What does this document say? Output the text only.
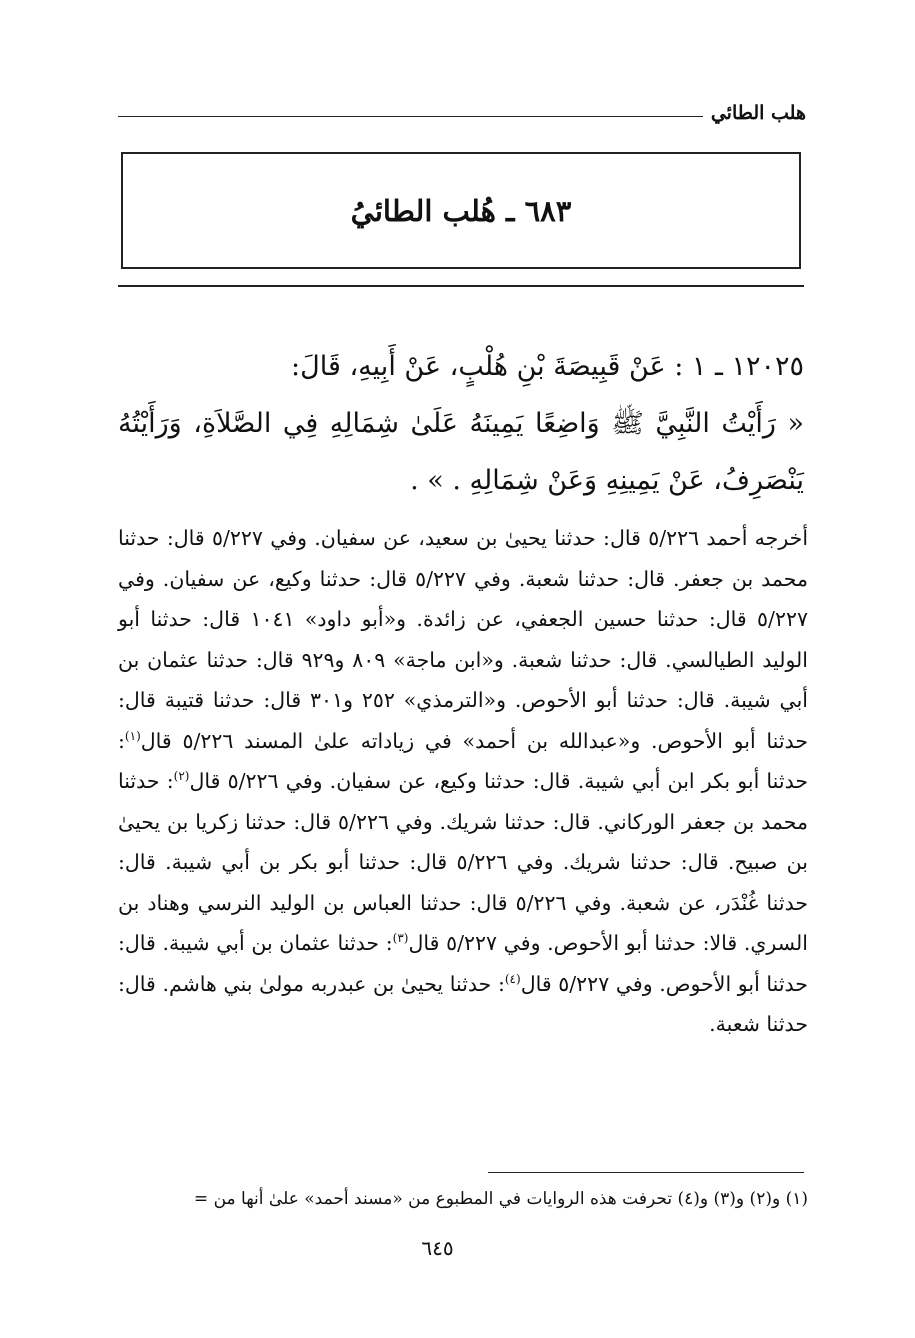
هلب الطائي
٦٨٣ ـ هُلب الطائيُ

١٢٠٢٥ ـ ١ : عَنْ قَبِيصَةَ بْنِ هُلْبٍ، عَنْ أَبِيهِ، قَالَ:

« رَأَيْتُ النَّبِيَّ ﷺ وَاضِعًا يَمِينَهُ عَلَىٰ شِمَالِهِ فِي الصَّلاَةِ، وَرَأَيْتُهُ يَنْصَرِفُ، عَنْ يَمِينِهِ وَعَنْ شِمَالِهِ . » .

أخرجه أحمد ٥/٢٢٦ قال: حدثنا يحيىٰ بن سعيد، عن سفيان. وفي ٥/٢٢٧ قال: حدثنا محمد بن جعفر. قال: حدثنا شعبة. وفي ٥/٢٢٧ قال: حدثنا وكيع، عن سفيان. وفي ٥/٢٢٧ قال: حدثنا حسين الجعفي، عن زائدة. و«أبو داود» ١٠٤١ قال: حدثنا أبو الوليد الطيالسي. قال: حدثنا شعبة. و«ابن ماجة» ٨٠٩ و٩٢٩ قال: حدثنا عثمان بن أبي شيبة. قال: حدثنا أبو الأحوص. و«الترمذي» ٢٥٢ و٣٠١ قال: حدثنا قتيبة قال: حدثنا أبو الأحوص. و«عبدالله بن أحمد» في زياداته علىٰ المسند ٥/٢٢٦ قال$^{(١)}$: حدثنا أبو بكر ابن أبي شيبة. قال: حدثنا وكيع، عن سفيان. وفي ٥/٢٢٦ قال$^{(٢)}$: حدثنا محمد بن جعفر الوركاني. قال: حدثنا شريك. وفي ٥/٢٢٦ قال: حدثنا زكريا بن يحيىٰ بن صبيح. قال: حدثنا شريك. وفي ٥/٢٢٦ قال: حدثنا أبو بكر بن أبي شيبة. قال: حدثنا غُنْدَر، عن شعبة. وفي ٥/٢٢٦ قال: حدثنا العباس بن الوليد النرسي وهناد بن السري. قالا: حدثنا أبو الأحوص. وفي ٥/٢٢٧ قال$^{(٣)}$: حدثنا عثمان بن أبي شيبة. قال: حدثنا أبو الأحوص. وفي ٥/٢٢٧ قال$^{(٤)}$: حدثنا يحيىٰ بن عبدربه مولىٰ بني هاشم. قال: حدثنا شعبة.

(١) و(٢) و(٣) و(٤) تحرفت هذه الروايات في المطبوع من «مسند أحمد» علىٰ أنها من =
٦٤٥
